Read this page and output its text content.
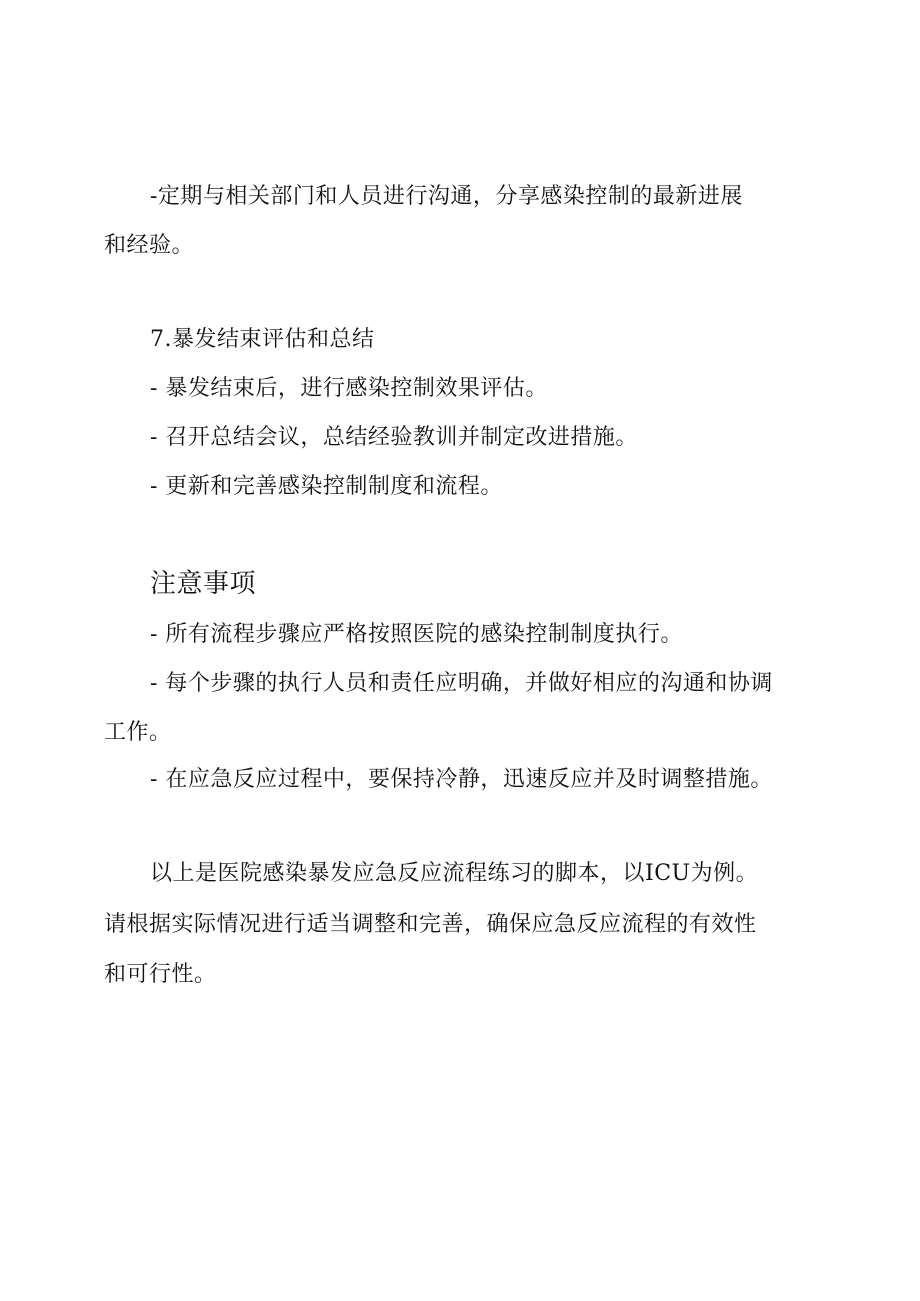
-定期与相关部门和人员进行沟通，分享感染控制的最新进展
和经验。
7.暴发结束评估和总结
- 暴发结束后，进行感染控制效果评估。
- 召开总结会议，总结经验教训并制定改进措施。
- 更新和完善感染控制制度和流程。
注意事项
- 所有流程步骤应严格按照医院的感染控制制度执行。
- 每个步骤的执行人员和责任应明确，并做好相应的沟通和协调
工作。
- 在应急反应过程中，要保持冷静，迅速反应并及时调整措施。
以上是医院感染暴发应急反应流程练习的脚本，以ICU为例。
请根据实际情况进行适当调整和完善，确保应急反应流程的有效性
和可行性。
